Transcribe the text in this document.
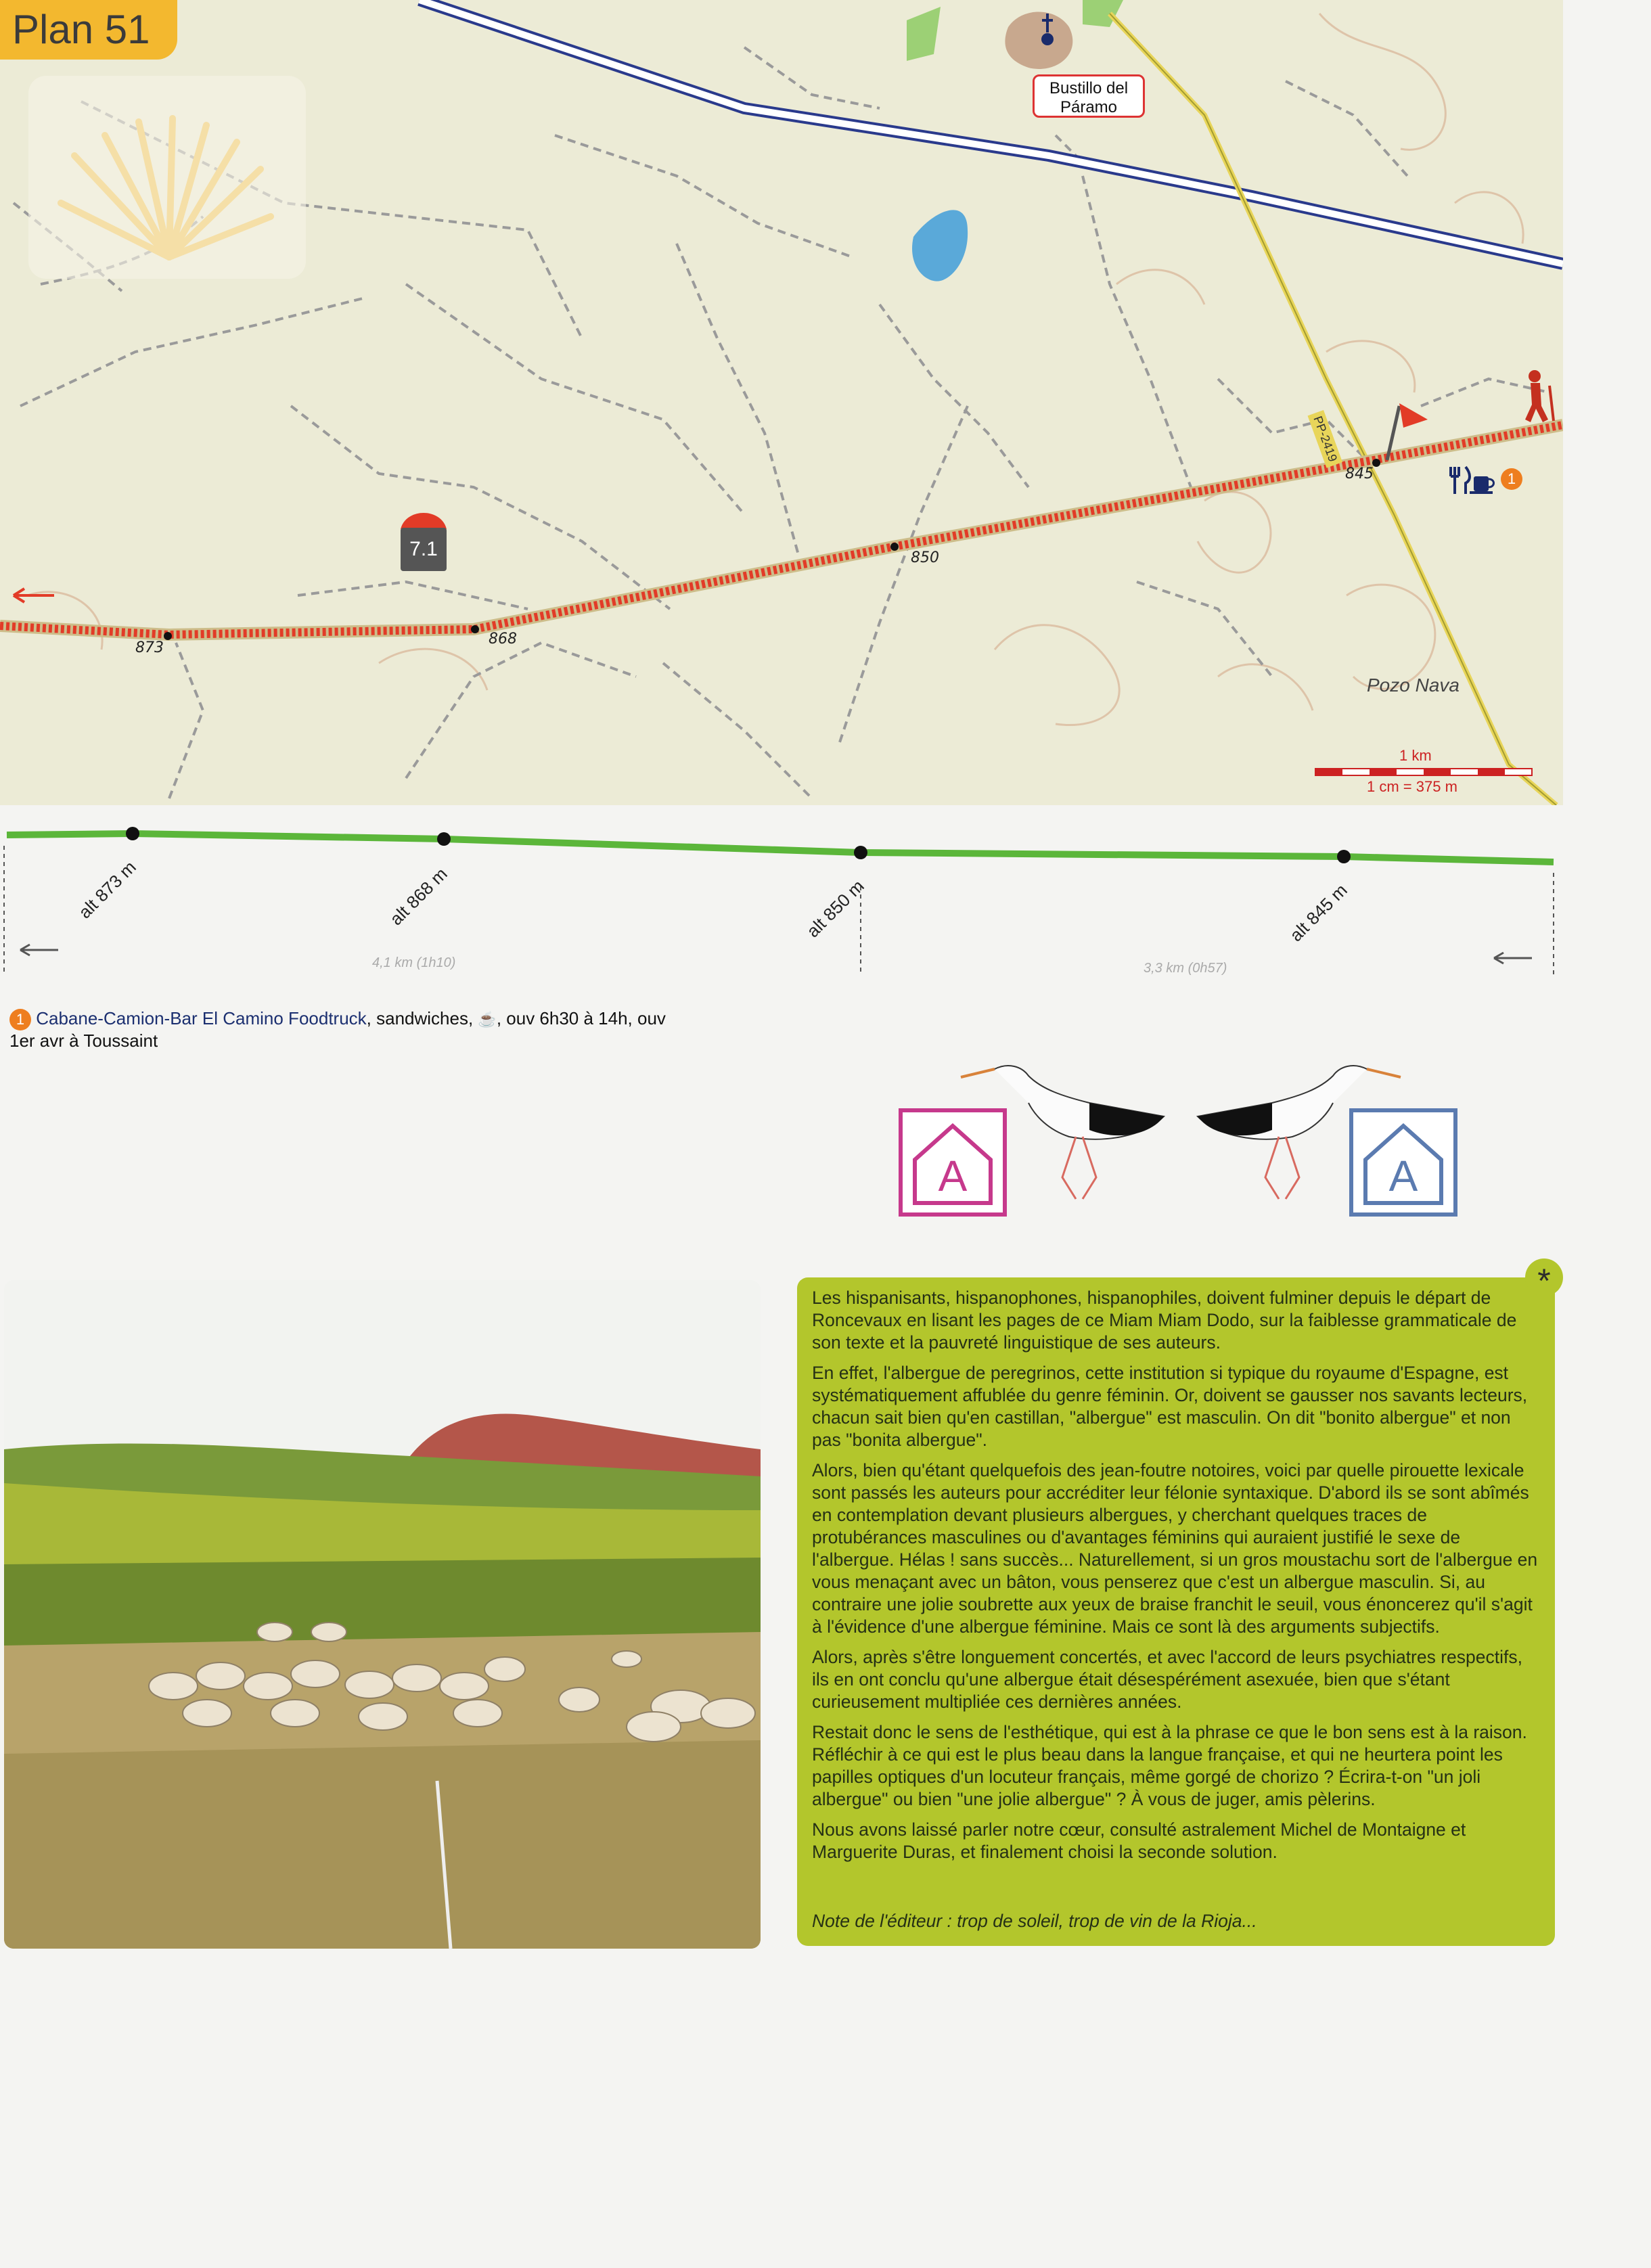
Plan 51
Bustillo del Páramo
7.1
Pozo Nava
PP-2419
873
868
850
845
1 km
1 cm = 375 m
1
alt 873 m	alt 868 m	alt 850 m	alt 845 m
4,1 km (1h10)	3,3 km (0h57)
1 Cabane-Camion-Bar El Camino Foodtruck, sandwiches, ☕, ouv 6h30 à 14h, ouv
1er avr à Toussaint
A	A

Les hispanisants, hispanophones, hispanophiles, doivent fulminer depuis le départ de Roncevaux en lisant les pages de ce Miam Miam Dodo, sur la faiblesse grammaticale de son texte et la pauvreté linguistique de ses auteurs.

En effet, l'albergue de peregrinos, cette institution si typique du royaume d'Espagne, est systématiquement affublée du genre féminin. Or, doivent se gausser nos savants lecteurs, chacun sait bien qu'en castillan, "albergue" est masculin. On dit "bonito albergue" et non pas "bonita albergue".

Alors, bien qu'étant quelquefois des jean-foutre notoires, voici par quelle pirouette lexicale sont passés les auteurs pour accréditer leur félonie syntaxique. D'abord ils se sont abîmés en contemplation devant plusieurs albergues, y cherchant quelques traces de protubérances masculines ou d'avantages féminins qui auraient justifié le sexe de l'albergue. Hélas ! sans succès... Naturellement, si un gros moustachu sort de l'albergue en vous menaçant avec un bâton, vous penserez que c'est un albergue masculin. Si, au contraire une jolie soubrette aux yeux de braise franchit le seuil, vous énoncerez qu'il s'agit à l'évidence d'une albergue féminine. Mais ce sont là des arguments subjectifs.

Alors, après s'être longuement concertés, et avec l'accord de leurs psychiatres respectifs, ils en ont conclu qu'une albergue était désespérément asexuée, bien que s'étant curieusement multipliée ces dernières années.

Restait donc le sens de l'esthétique, qui est à la phrase ce que le bon sens est à la raison. Réfléchir à ce qui est le plus beau dans la langue française, et qui ne heurtera point les papilles optiques d'un locuteur français, même gorgé de chorizo ? Écrira-t-on "un joli albergue" ou bien "une jolie albergue" ? À vous de juger, amis pèlerins.

Nous avons laissé parler notre cœur, consulté astralement Michel de Montaigne et Marguerite Duras, et finalement choisi la seconde solution.

Note de l'éditeur : trop de soleil, trop de vin de la Rioja...

*
